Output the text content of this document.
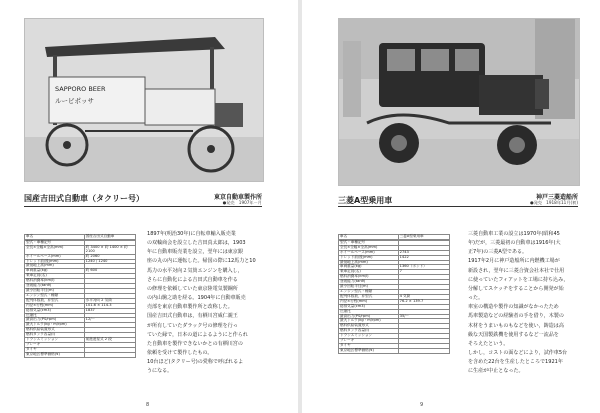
SAPPORO BEER
ルービポッサ
国産吉田式自動車（タクリー号）	東京自動車製作所
●発売　1907年－月
車名	国産吉田式自動車

型式・車種記号	
全長×全幅×全高(mm)	約 3400 × 約 1400 × 約 2100
ホイールベース(mm)	約 2060
トレッド前/後(mm)	1240 / 1240
最低地上高(mm)	
車両重量(kg)	約 600
乗車定員(名)	
燃料消費率(km/l)	
登坂能力(tanθ)	
最小回転半径(m)	
エンジン型式・種類	
配列体数数，弁型式	水平対向 2 気筒
内径×行程(mm)	101.6 × 114.3
総排気量(cm3)	1837
圧縮比	
最高出力(PS/rpm)	12/－
最大トルク(kg・m/rpm)	
燃料供給装置形式	
燃料タンク容量(l)	
トランスミッション	前進遊星式 2 段
ブレーキ	
タイヤ	
東京地区標準価格(¥)	
1897年(明治30年)に自転車輸入販売業
の双輪商会を設立した吉田真太郎は，1903
年に自動車販売業を設立，翌年には東京銀
座の丸の内に運転した。帰国の際に12馬力と10
馬力の水平対向２気筒エンジンを購入し，
さらに自動化による吉田式自動車を作る
の修理を依頼していた東京陸電気製鋼所
の内山駒之助を経る。1904年に自動車販売
売部を東京自動車製作所と改称した。
国産吉田式自動車は，有栖川宮威仁親王
が所有していたダラック号の修理を行っ
ていた縁で，日本の道によるようにと作られ
た自動車を製作できないかとの有栖川宮の
依頼を受けて製作したもの。
10台ほど(タクリー号)の愛称で呼ばれるよ
うになる。
8
三菱A型乗用車	神戸三菱造船所
●発売　1918年11月(初)
車名	三菱A型乗用車

型式・車種記号	
全長×全幅×全高(mm)	
ホイールベース(mm)	2743
トレッド前/後(mm)	1422
最低地上高(mm)	
車両重量(kg)	1360（ボンド）
乗車定員(名)	7
燃料消費率(km/l)	
登坂能力(tanθ)	
最小回転半径(m)	
エンジン型式・種類	
配列体数数，弁型式	4 気筒
内径×行程(mm)	76.2 × 139.7
総排気量(cm3)	
圧縮比	
最高出力(PS/rpm)	35/－
最大トルク(kg・m/rpm)	
燃料供給装置形式	
燃料タンク容量(l)	
トランスミッション	
ブレーキ	
タイヤ	
東京地区標準価格(¥)	
三菱自動車工業の設立は1970年(昭和45
年)だが，三菱最初の自動車は1916年(大
正7年)の三菱A型である。
1917年2月に神戸造船所に内燃機工場が
新設され，翌年に三菱合資会社本社で仕用
に使っていたフィアットを工場に持ち込み，
分解してスケッチをすることから開発が始
った。
車室の構造や製作の知識がなかったため
馬車製造などの経験者の手を借り，木製の
木材をうまいものもなどを使い，鋳造は高
級な天国製鉄機を使用するなど一流品を
そろえたという。
しかし，コストの面などにより，試作車5台
を含めた22台を生産したところで1921年
に生産が中止となった。
9
